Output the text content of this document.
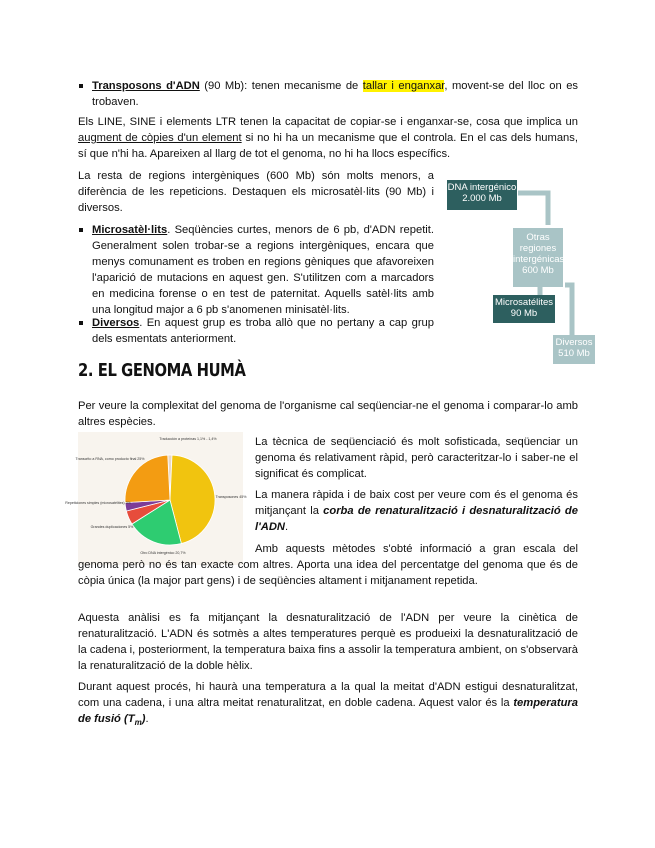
Transposons d'ADN (90 Mb): tenen mecanisme de tallar i enganxar, movent-se del lloc on es trobaven.

Els LINE, SINE i elements LTR tenen la capacitat de copiar-se i enganxar-se, cosa que implica un augment de còpies d'un element si no hi ha un mecanisme que el controla. En el cas dels humans, sí que n'hi ha. Apareixen al llarg de tot el genoma, no hi ha llocs específics.

La resta de regions intergèniques (600 Mb) són molts menors, a diferència de les repeticions. Destaquen els microsatèl·lits (90 Mb) i diversos.

Microsatèl·lits. Seqüències curtes, menors de 6 pb, d'ADN repetit. Generalment solen trobar-se a regions intergèniques, encara que menys comunament es troben en regions gèniques que afavoreixen l'aparició de mutacions en aquest gen. S'utilitzen com a marcadors en medicina forense o en test de paternitat. Aquells satèl·lits amb una longitud major a 6 pb s'anomenen minisatèl·lits.

Diversos. En aquest grup es troba allò que no pertany a cap grup dels esmentats anteriorment.

DNA intergénico
2.000 Mb
Otras
regiones
intergénicas
600 Mb
Microsatélites
90 Mb
Diversos
510 Mb
2. EL GENOMA HUMÀ

Per veure la complexitat del genoma de l'organisme cal seqüenciar-ne el genoma i comparar-lo amb altres espècies.

Traducción a proteínas 1,1% - 1,4%
Transcrito a RNA, como producto final 25%
Repeticiones simples (microsatélites) 3%
Grandes duplicaciones 5%
Otro DNA intergénico 20,7%
Transposones 45%

La tècnica de seqüenciació és molt sofisticada, seqüenciar un genoma és relativament ràpid, però caracteritzar-lo i saber-ne el significat és complicat.

La manera ràpida i de baix cost per veure com és el genoma és mitjançant la corba de renaturalització i desnaturalització de l'ADN.

Amb aquests mètodes s'obté informació a gran escala del genoma però no és tan exacte com altres. Aporta una idea del percentatge del genoma que és de còpia única (la major part gens) i de seqüències altament i mitjanament repetida.

Aquesta anàlisi es fa mitjançant la desnaturalització de l'ADN per veure la cinètica de renaturalització. L'ADN és sotmès a altes temperatures perquè es produeixi la desnaturalització de la cadena i, posteriorment, la temperatura baixa fins a assolir la temperatura ambient, on s'observarà la renaturalització de la doble hèlix.

Durant aquest procés, hi haurà una temperatura a la qual la meitat d'ADN estigui desnaturalitzat, com una cadena, i una altra meitat renaturalitzat, en doble cadena. Aquest valor és la temperatura de fusió $(T_m)$.
